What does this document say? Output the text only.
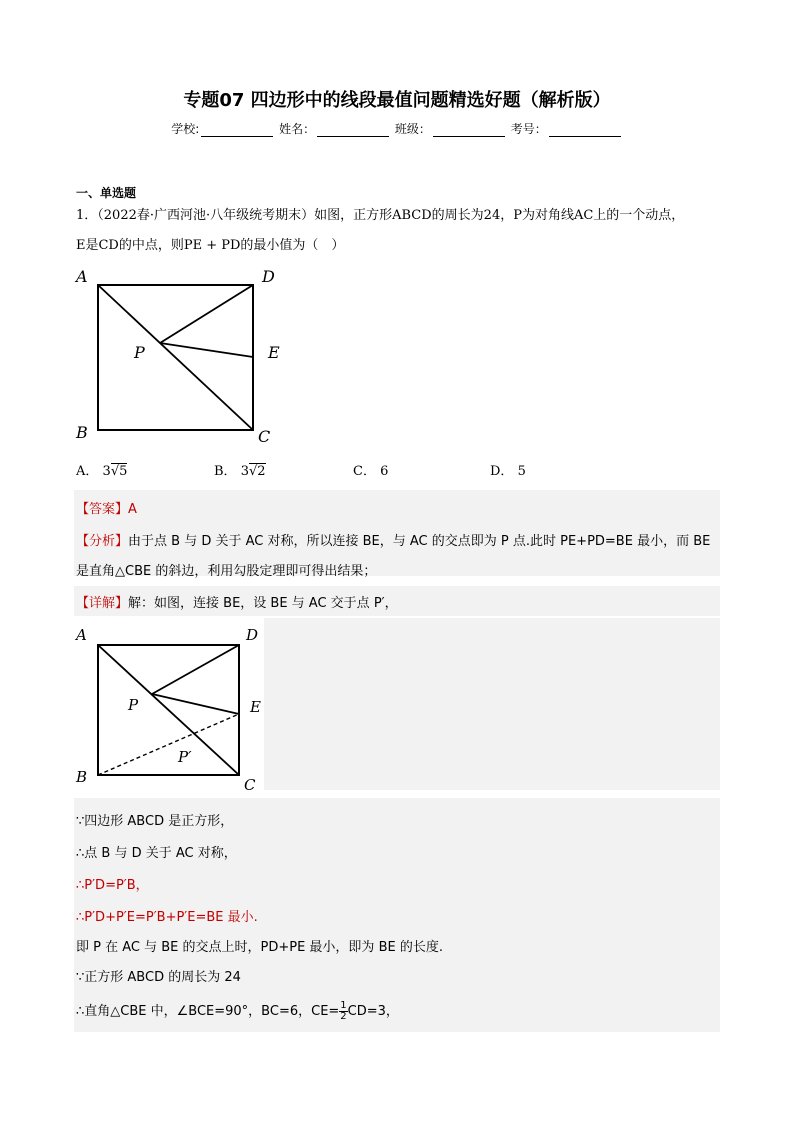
专题07 四边形中的线段最值问题精选好题（解析版）
学校:	姓名：	班级：	考号：
一、单选题
1．（2022春·广西河池·八年级统考期末）如图，正方形ABCD的周长为24，P为对角线AC上的一个动点，
E是CD的中点，则PE + PD的最小值为（　）
A	D
E
P
B	C
A． 3√5	B． 3√2	C． 6	D． 5
【答案】A
【分析】由于点 B 与 D 关于 AC 对称，所以连接 BE，与 AC 的交点即为 P 点.此时 PE+PD=BE 最小，而 BE
是直角△CBE 的斜边，利用勾股定理即可得出结果；
【详解】解：如图，连接 BE，设 BE 与 AC 交于点 P′，
A	D
E
P
P′
B	C
∵四边形 ABCD 是正方形，
∴点 B 与 D 关于 AC 对称，
∴P′D=P′B，
∴P′D+P′E=P′B+P′E=BE 最小.
即 P 在 AC 与 BE 的交点上时，PD+PE 最小，即为 BE 的长度.
∵正方形 ABCD 的周长为 24
∴直角△CBE 中，∠BCE=90°，BC=6，$CE= \frac{1}{2} CD=3$，
